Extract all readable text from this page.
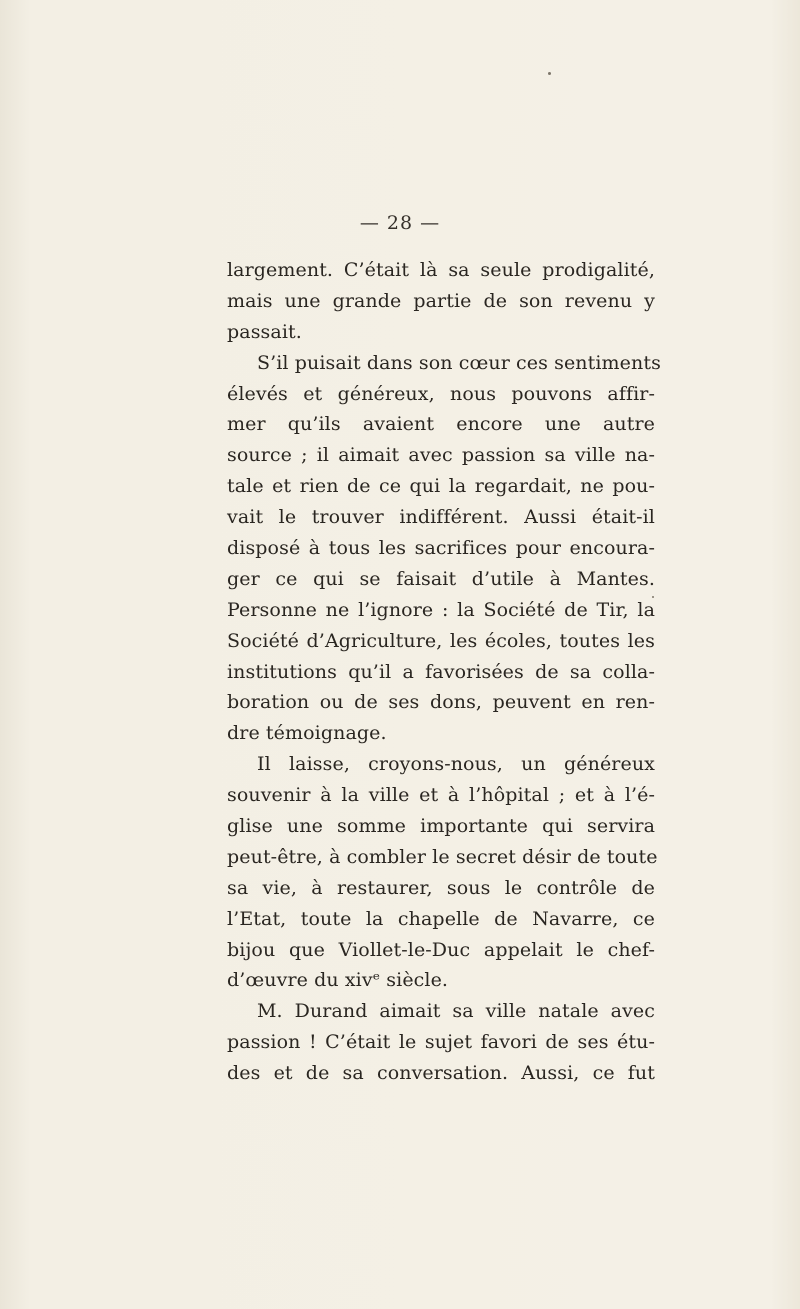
— 28 —
largement. C’était là sa seule prodigalité,
mais une grande partie de son revenu y
passait.
S’il puisait dans son cœur ces sentiments
élevés et généreux, nous pouvons affir-
mer qu’ils avaient encore une autre
source ; il aimait avec passion sa ville na-
tale et rien de ce qui la regardait, ne pou-
vait le trouver indifférent. Aussi était-il
disposé à tous les sacrifices pour encoura-
ger ce qui se faisait d’utile à Mantes.
Personne ne l’ignore : la Société de Tir, la
Société d’Agriculture, les écoles, toutes les
institutions qu’il a favorisées de sa colla-
boration ou de ses dons, peuvent en ren-
dre témoignage.
Il laisse, croyons-nous, un généreux
souvenir à la ville et à l’hôpital ; et à l’é-
glise une somme importante qui servira
peut-être, à combler le secret désir de toute
sa vie, à restaurer, sous le contrôle de
l’Etat, toute la chapelle de Navarre, ce
bijou que Viollet-le-Duc appelait le chef-
d’œuvre du xivᵉ siècle.
M. Durand aimait sa ville natale avec
passion ! C’était le sujet favori de ses étu-
des et de sa conversation. Aussi, ce fut
